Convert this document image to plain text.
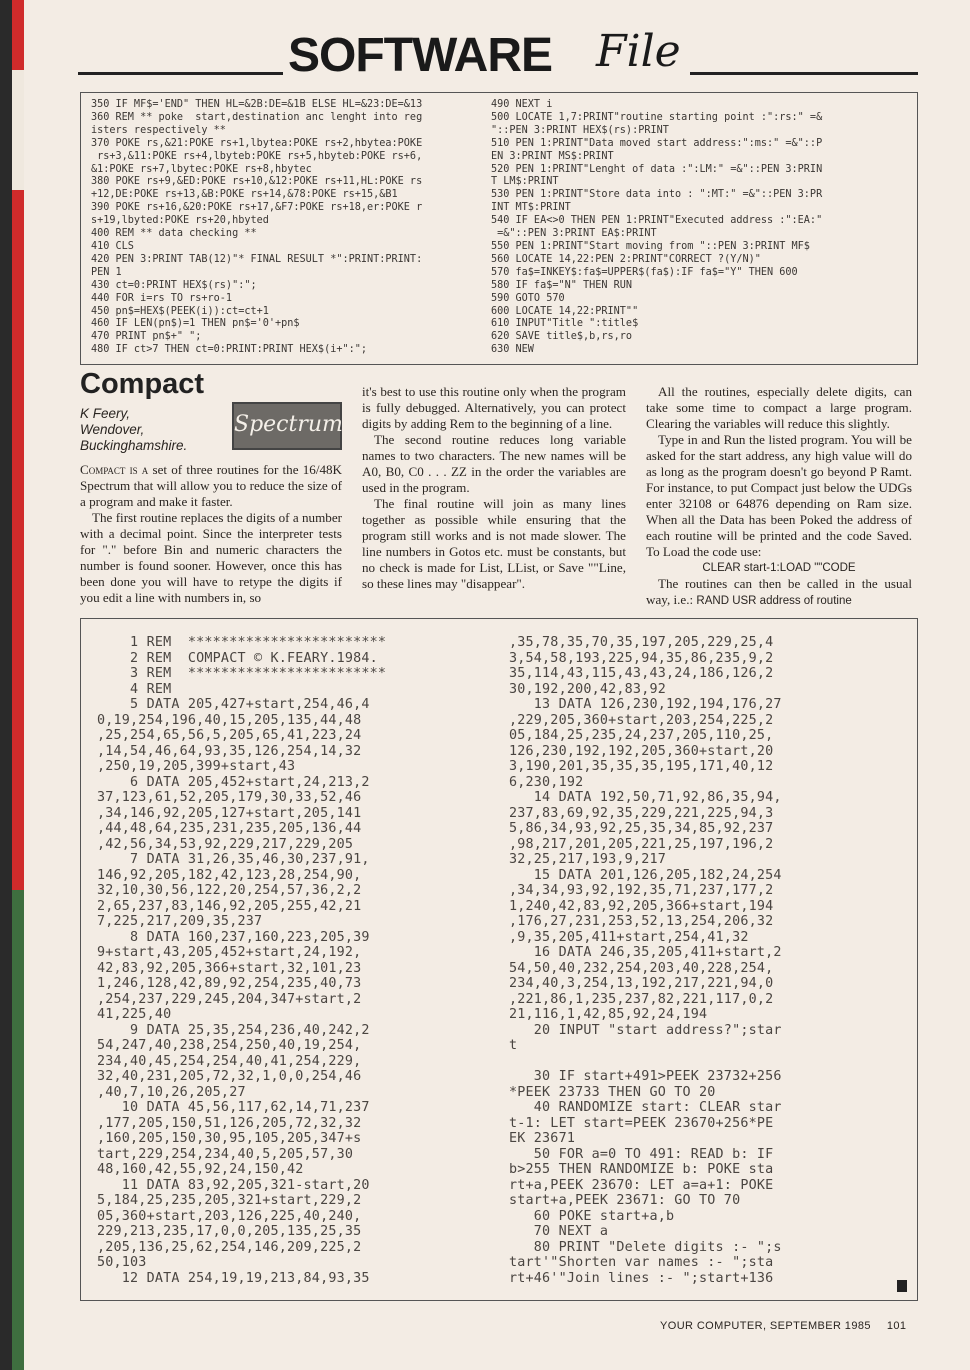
SOFTWARE File
350 IF MF$='END" THEN HL=&2B:DE=&1B ELSE HL=&23:DE=&13
360 REM ** poke  start,destination anc lenght into reg
isters respectively **
370 POKE rs,&21:POKE rs+1,lbytea:POKE rs+2,hbytea:POKE
rs+3,&11:POKE rs+4,lbyteb:POKE rs+5,hbyteb:POKE rs+6,
&1:POKE rs+7,lbytec:POKE rs+8,hbytec
380 POKE rs+9,&ED:POKE rs+10,&12:POKE rs+11,HL:POKE rs
+12,DE:POKE rs+13,&B:POKE rs+14,&78:POKE rs+15,&B1
390 POKE rs+16,&20:POKE rs+17,&F7:POKE rs+18,er:POKE r
s+19,lbyted:POKE rs+20,hbyted
400 REM ** data checking **
410 CLS
420 PEN 3:PRINT TAB(12)"* FINAL RESULT *":PRINT:PRINT:
PEN 1
430 ct=0:PRINT HEX$(rs)":";
440 FOR i=rs TO rs+ro-1
450 pn$=HEX$(PEEK(i)):ct=ct+1
460 IF LEN(pn$)=1 THEN pn$='0'+pn$
470 PRINT pn$+" ";
480 IF ct>7 THEN ct=0:PRINT:PRINT HEX$(i+":";
490 NEXT i
500 LOCATE 1,7:PRINT"routine starting point :":rs:" =&
"::PEN 3:PRINT HEX$(rs):PRINT
510 PEN 1:PRINT"Data moved start address:":ms:" =&"::P
EN 3:PRINT MS$:PRINT
520 PEN 1:PRINT"Lenght of data :":LM:" =&"::PEN 3:PRIN
T LM$:PRINT
530 PEN 1:PRINT"Store data into : ":MT:" =&"::PEN 3:PR
INT MT$:PRINT
540 IF EA<>0 THEN PEN 1:PRINT"Executed address :":EA:"
=&"::PEN 3:PRINT EA$:PRINT
550 PEN 1:PRINT"Start moving from "::PEN 3:PRINT MF$
560 LOCATE 14,22:PEN 2:PRINT"CORRECT ?(Y/N)"
570 fa$=INKEY$:fa$=UPPER$(fa$):IF fa$="Y" THEN 600
580 IF fa$="N" THEN RUN
590 GOTO 570
600 LOCATE 14,22:PRINT""
610 INPUT"Title ":title$
620 SAVE title$,b,rs,ro
630 NEW
Compact
K Feery,
Wendover,
Buckinghamshire.
Spectrum

Compact is a set of three routines for the 16/48K Spectrum that will allow you to reduce the size of a program and make it faster.

The first routine replaces the digits of a number with a decimal point. Since the interpreter tests for "." before Bin and numeric characters the number is found sooner. However, once this has been done you will have to retype the digits if you edit a line with numbers in, so

it's best to use this routine only when the program is fully debugged. Alternatively, you can protect digits by adding Rem to the beginning of a line.

The second routine reduces long variable names to two characters. The new names will be A0, B0, C0 . . . ZZ in the order the variables are used in the program.

The final routine will join as many lines together as possible while ensuring that the program still works and is not made slower. The line numbers in Gotos etc. must be constants, but no check is made for List, LList, or Save ""Line, so these lines may "disappear".

All the routines, especially delete digits, can take some time to compact a large program. Clearing the variables will reduce this slightly.

Type in and Run the listed program. You will be asked for the start address, any high value will do as long as the program doesn't go beyond P Ramt. For instance, to put Compact just below the UDGs enter 32108 or 64876 depending on Ram size. When all the Data has been Poked the address of each routine will be printed and the code Saved. To Load the code use:

CLEAR start-1:LOAD ""CODE

The routines can then be called in the usual way, i.e.: RAND USR address of routine

1 REM  ************************
2 REM  COMPACT © K.FEARY.1984.
3 REM  ************************
4 REM
5 DATA 205,427+start,254,46,4
0,19,254,196,40,15,205,135,44,48
,25,254,65,56,5,205,65,41,223,24
,14,54,46,64,93,35,126,254,14,32
,250,19,205,399+start,43
6 DATA 205,452+start,24,213,2
37,123,61,52,205,179,30,33,52,46
,34,146,92,205,127+start,205,141
,44,48,64,235,231,235,205,136,44
,42,56,34,53,92,229,217,229,205
7 DATA 31,26,35,46,30,237,91,
146,92,205,182,42,123,28,254,90,
32,10,30,56,122,20,254,57,36,2,2
2,65,237,83,146,92,205,255,42,21
7,225,217,209,35,237
8 DATA 160,237,160,223,205,39
9+start,43,205,452+start,24,192,
42,83,92,205,366+start,32,101,23
1,246,128,42,89,92,254,235,40,73
,254,237,229,245,204,347+start,2
41,225,40
9 DATA 25,35,254,236,40,242,2
54,247,40,238,254,250,40,19,254,
234,40,45,254,254,40,41,254,229,
32,40,231,205,72,32,1,0,0,254,46
,40,7,10,26,205,27
10 DATA 45,56,117,62,14,71,237
,177,205,150,51,126,205,72,32,32
,160,205,150,30,95,105,205,347+s
tart,229,254,234,40,5,205,57,30
48,160,42,55,92,24,150,42
11 DATA 83,92,205,321-start,20
5,184,25,235,205,321+start,229,2
05,360+start,203,126,225,40,240,
229,213,235,17,0,0,205,135,25,35
,205,136,25,62,254,146,209,225,2
50,103
12 DATA 254,19,19,213,84,93,35
,35,78,35,70,35,197,205,229,25,4
3,54,58,193,225,94,35,86,235,9,2
35,114,43,115,43,43,24,186,126,2
30,192,200,42,83,92
13 DATA 126,230,192,194,176,27
,229,205,360+start,203,254,225,2
05,184,25,235,24,237,205,110,25,
126,230,192,192,205,360+start,20
3,190,201,35,35,35,195,171,40,12
6,230,192
14 DATA 192,50,71,92,86,35,94,
237,83,69,92,35,229,221,225,94,3
5,86,34,93,92,25,35,34,85,92,237
,98,217,201,205,221,25,197,196,2
32,25,217,193,9,217
15 DATA 201,126,205,182,24,254
,34,34,93,92,192,35,71,237,177,2
1,240,42,83,92,205,366+start,194
,176,27,231,253,52,13,254,206,32
,9,35,205,411+start,254,41,32
16 DATA 246,35,205,411+start,2
54,50,40,232,254,203,40,228,254,
234,40,3,254,13,192,217,221,94,0
,221,86,1,235,237,82,221,117,0,2
21,116,1,42,85,92,24,194
20 INPUT "start address?";star
t

30 IF start+491>PEEK 23732+256
*PEEK 23733 THEN GO TO 20
40 RANDOMIZE start: CLEAR star
t-1: LET start=PEEK 23670+256*PE
EK 23671
50 FOR a=0 TO 491: READ b: IF
b>255 THEN RANDOMIZE b: POKE sta
rt+a,PEEK 23670: LET a=a+1: POKE
start+a,PEEK 23671: GO TO 70
60 POKE start+a,b
70 NEXT a
80 PRINT "Delete digits :- ";s
tart'"Shorten var names :- ";sta
rt+46'"Join lines :- ";start+136
YOUR COMPUTER, SEPTEMBER 1985 101
